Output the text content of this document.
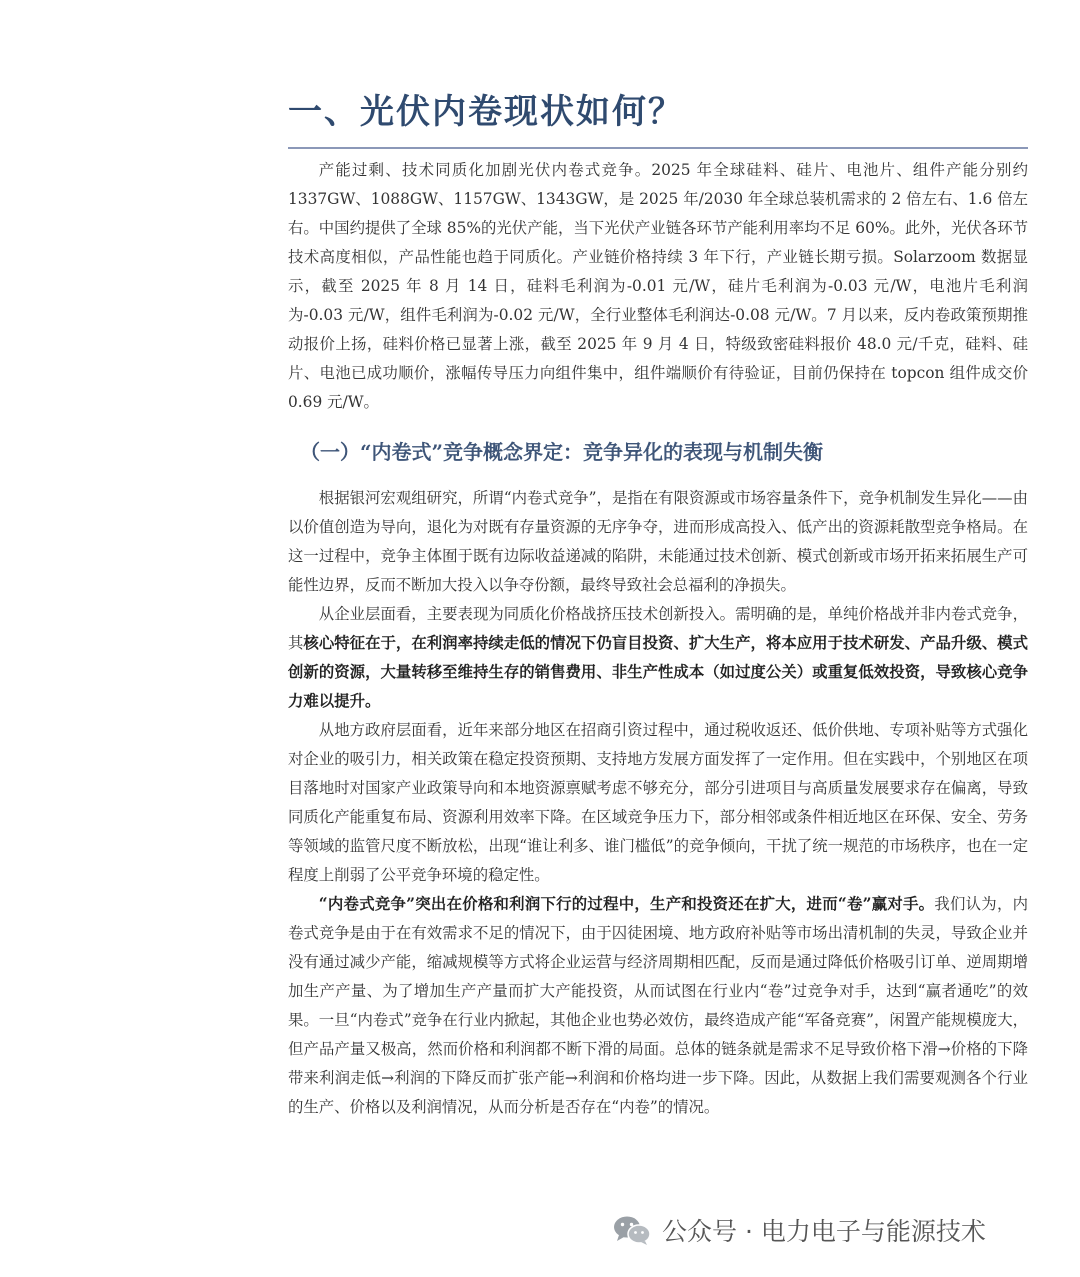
一、光伏内卷现状如何？

产能过剩、技术同质化加剧光伏内卷式竞争。2025 年全球硅料、硅片、电池片、组件产能分别约 1337GW、1088GW、1157GW、1343GW，是 2025 年/2030 年全球总装机需求的 2 倍左右、1.6 倍左右。中国约提供了全球 85%的光伏产能，当下光伏产业链各环节产能利用率均不足 60%。此外，光伏各环节技术高度相似，产品性能也趋于同质化。产业链价格持续 3 年下行，产业链长期亏损。Solarzoom 数据显示，截至 2025 年 8 月 14 日，硅料毛利润为-0.01 元/W，硅片毛利润为-0.03 元/W，电池片毛利润为-0.03 元/W，组件毛利润为-0.02 元/W，全行业整体毛利润达-0.08 元/W。7 月以来，反内卷政策预期推动报价上扬，硅料价格已显著上涨，截至 2025 年 9 月 4 日，特级致密硅料报价 48.0 元/千克，硅料、硅片、电池已成功顺价，涨幅传导压力向组件集中，组件端顺价有待验证，目前仍保持在 topcon 组件成交价 0.69 元/W。

（一）“内卷式”竞争概念界定：竞争异化的表现与机制失衡

根据银河宏观组研究，所谓“内卷式竞争”，是指在有限资源或市场容量条件下，竞争机制发生异化——由以价值创造为导向，退化为对既有存量资源的无序争夺，进而形成高投入、低产出的资源耗散型竞争格局。在这一过程中，竞争主体囿于既有边际收益递减的陷阱，未能通过技术创新、模式创新或市场开拓来拓展生产可能性边界，反而不断加大投入以争夺份额，最终导致社会总福利的净损失。

从企业层面看，主要表现为同质化价格战挤压技术创新投入。需明确的是，单纯价格战并非内卷式竞争，其核心特征在于，在利润率持续走低的情况下仍盲目投资、扩大生产，将本应用于技术研发、产品升级、模式创新的资源，大量转移至维持生存的销售费用、非生产性成本（如过度公关）或重复低效投资，导致核心竞争力难以提升。

从地方政府层面看，近年来部分地区在招商引资过程中，通过税收返还、低价供地、专项补贴等方式强化对企业的吸引力，相关政策在稳定投资预期、支持地方发展方面发挥了一定作用。但在实践中，个别地区在项目落地时对国家产业政策导向和本地资源禀赋考虑不够充分，部分引进项目与高质量发展要求存在偏离，导致同质化产能重复布局、资源利用效率下降。在区域竞争压力下，部分相邻或条件相近地区在环保、安全、劳务等领域的监管尺度不断放松，出现“谁让利多、谁门槛低”的竞争倾向，干扰了统一规范的市场秩序，也在一定程度上削弱了公平竞争环境的稳定性。

“内卷式竞争”突出在价格和利润下行的过程中，生产和投资还在扩大，进而“卷”赢对手。我们认为，内卷式竞争是由于在有效需求不足的情况下，由于囚徒困境、地方政府补贴等市场出清机制的失灵，导致企业并没有通过减少产能，缩减规模等方式将企业运营与经济周期相匹配，反而是通过降低价格吸引订单、逆周期增加生产产量、为了增加生产产量而扩大产能投资，从而试图在行业内“卷”过竞争对手，达到“赢者通吃”的效果。一旦“内卷式”竞争在行业内掀起，其他企业也势必效仿，最终造成产能“军备竞赛”，闲置产能规模庞大，但产品产量又极高，然而价格和利润都不断下滑的局面。总体的链条就是需求不足导致价格下滑→价格的下降带来利润走低→利润的下降反而扩张产能→利润和价格均进一步下降。因此，从数据上我们需要观测各个行业的生产、价格以及利润情况，从而分析是否存在“内卷”的情况。

公众号 · 电力电子与能源技术
